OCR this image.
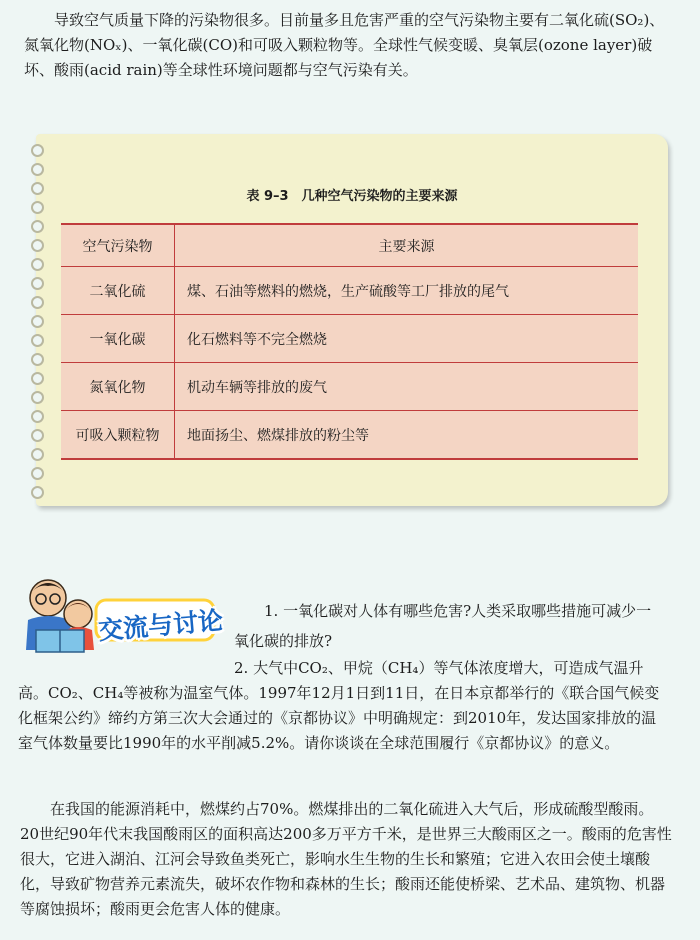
导致空气质量下降的污染物很多。目前量多且危害严重的空气污染物主要有二氧化硫(SO₂)、氮氧化物(NOₓ)、一氧化碳(CO)和可吸入颗粒物等。全球性气候变暖、臭氧层(ozone layer)破坏、酸雨(acid rain)等全球性环境问题都与空气污染有关。

表 9–3　几种空气污染物的主要来源
空气污染物	主要来源
二氧化硫	煤、石油等燃料的燃烧，生产硫酸等工厂排放的尾气
一氧化碳	化石燃料等不完全燃烧
氮氧化物	机动车辆等排放的废气
可吸入颗粒物	地面扬尘、燃煤排放的粉尘等
交流与讨论	1. 一氧化碳对人体有哪些危害?人类采取哪些措施可减少一氧化碳的排放?

2. 大气中CO₂、甲烷（CH₄）等气体浓度增大，可造成气温升高。CO₂、CH₄等被称为温室气体。1997年12月1日到11日，在日本京都举行的《联合国气候变化框架公约》缔约方第三次大会通过的《京都协议》中明确规定：到2010年，发达国家排放的温室气体数量要比1990年的水平削减5.2%。请你谈谈在全球范围履行《京都协议》的意义。

在我国的能源消耗中，燃煤约占70%。燃煤排出的二氧化硫进入大气后，形成硫酸型酸雨。20世纪90年代末我国酸雨区的面积高达200多万平方千米，是世界三大酸雨区之一。酸雨的危害性很大，它进入湖泊、江河会导致鱼类死亡，影响水生生物的生长和繁殖；它进入农田会使土壤酸化，导致矿物营养元素流失，破坏农作物和森林的生长；酸雨还能使桥梁、艺术品、建筑物、机器等腐蚀损坏；酸雨更会危害人体的健康。
